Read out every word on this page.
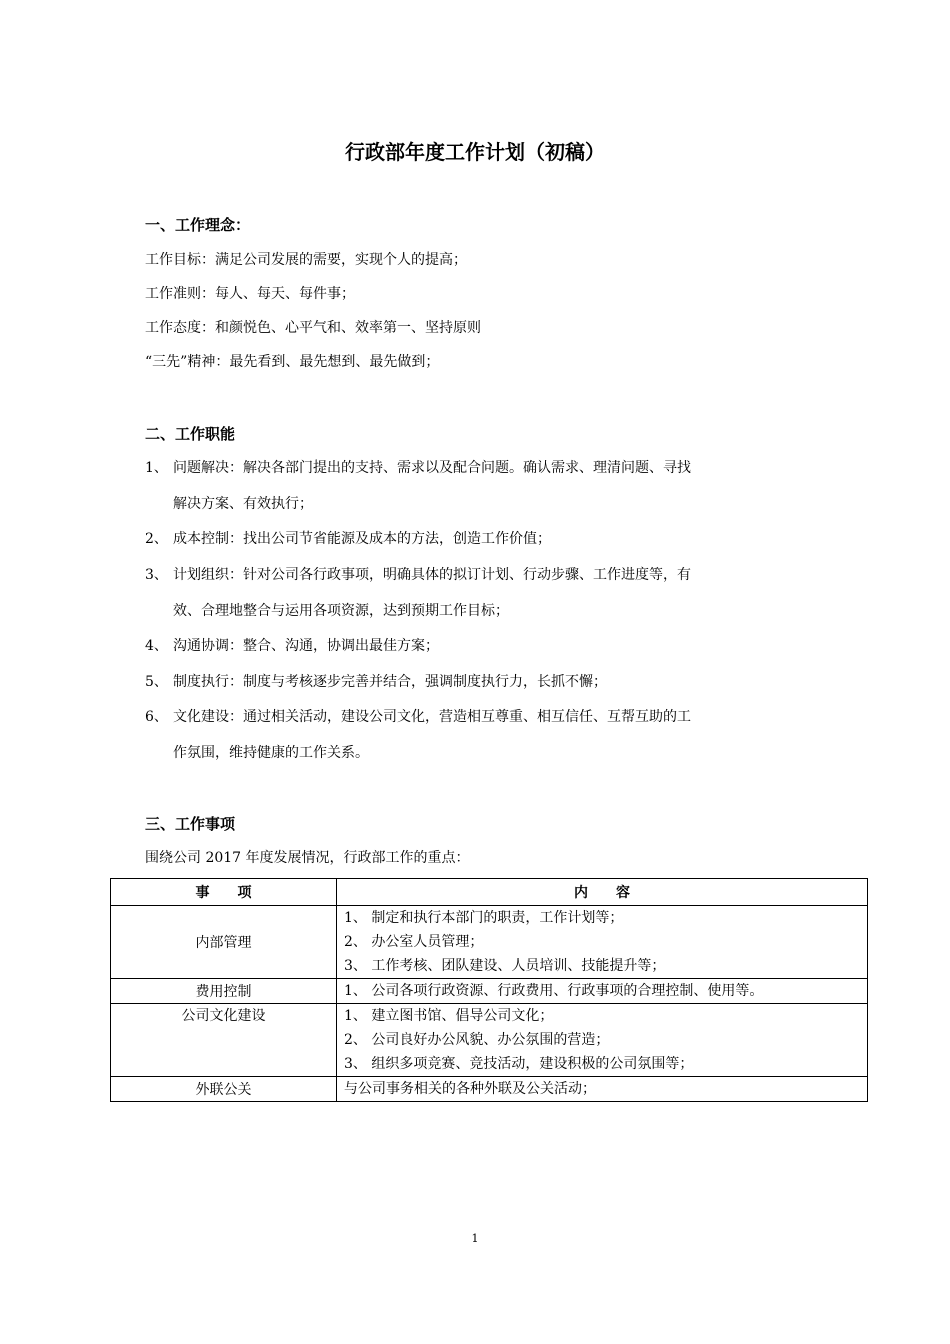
行政部年度工作计划（初稿）
一、工作理念：
工作目标：满足公司发展的需要，实现个人的提高；
工作准则：每人、每天、每件事；
工作态度：和颜悦色、心平气和、效率第一、坚持原则
“三先”精神：最先看到、最先想到、最先做到；
二、工作职能
1、 问题解决：解决各部门提出的支持、需求以及配合问题。确认需求、理清问题、寻找
解决方案、有效执行；
2、 成本控制：找出公司节省能源及成本的方法，创造工作价值；
3、 计划组织：针对公司各行政事项，明确具体的拟订计划、行动步骤、工作进度等，有
效、合理地整合与运用各项资源，达到预期工作目标；
4、 沟通协调：整合、沟通，协调出最佳方案；
5、 制度执行：制度与考核逐步完善并结合，强调制度执行力，长抓不懈；
6、 文化建设：通过相关活动，建设公司文化，营造相互尊重、相互信任、互帮互助的工
作氛围，维持健康的工作关系。
三、工作事项
围绕公司 2017 年度发展情况，行政部工作的重点：
事　　项	内　　容
内部管理	1、 制定和执行本部门的职责，工作计划等；
2、 办公室人员管理；
3、 工作考核、团队建设、人员培训、技能提升等；

费用控制	1、 公司各项行政资源、行政费用、行政事项的合理控制、使用等。

公司文化建设	1、 建立图书馆、倡导公司文化；
2、 公司良好办公风貌、办公氛围的营造；
3、 组织多项竞赛、竞技活动，建设积极的公司氛围等；

外联公关	与公司事务相关的各种外联及公关活动；
1
